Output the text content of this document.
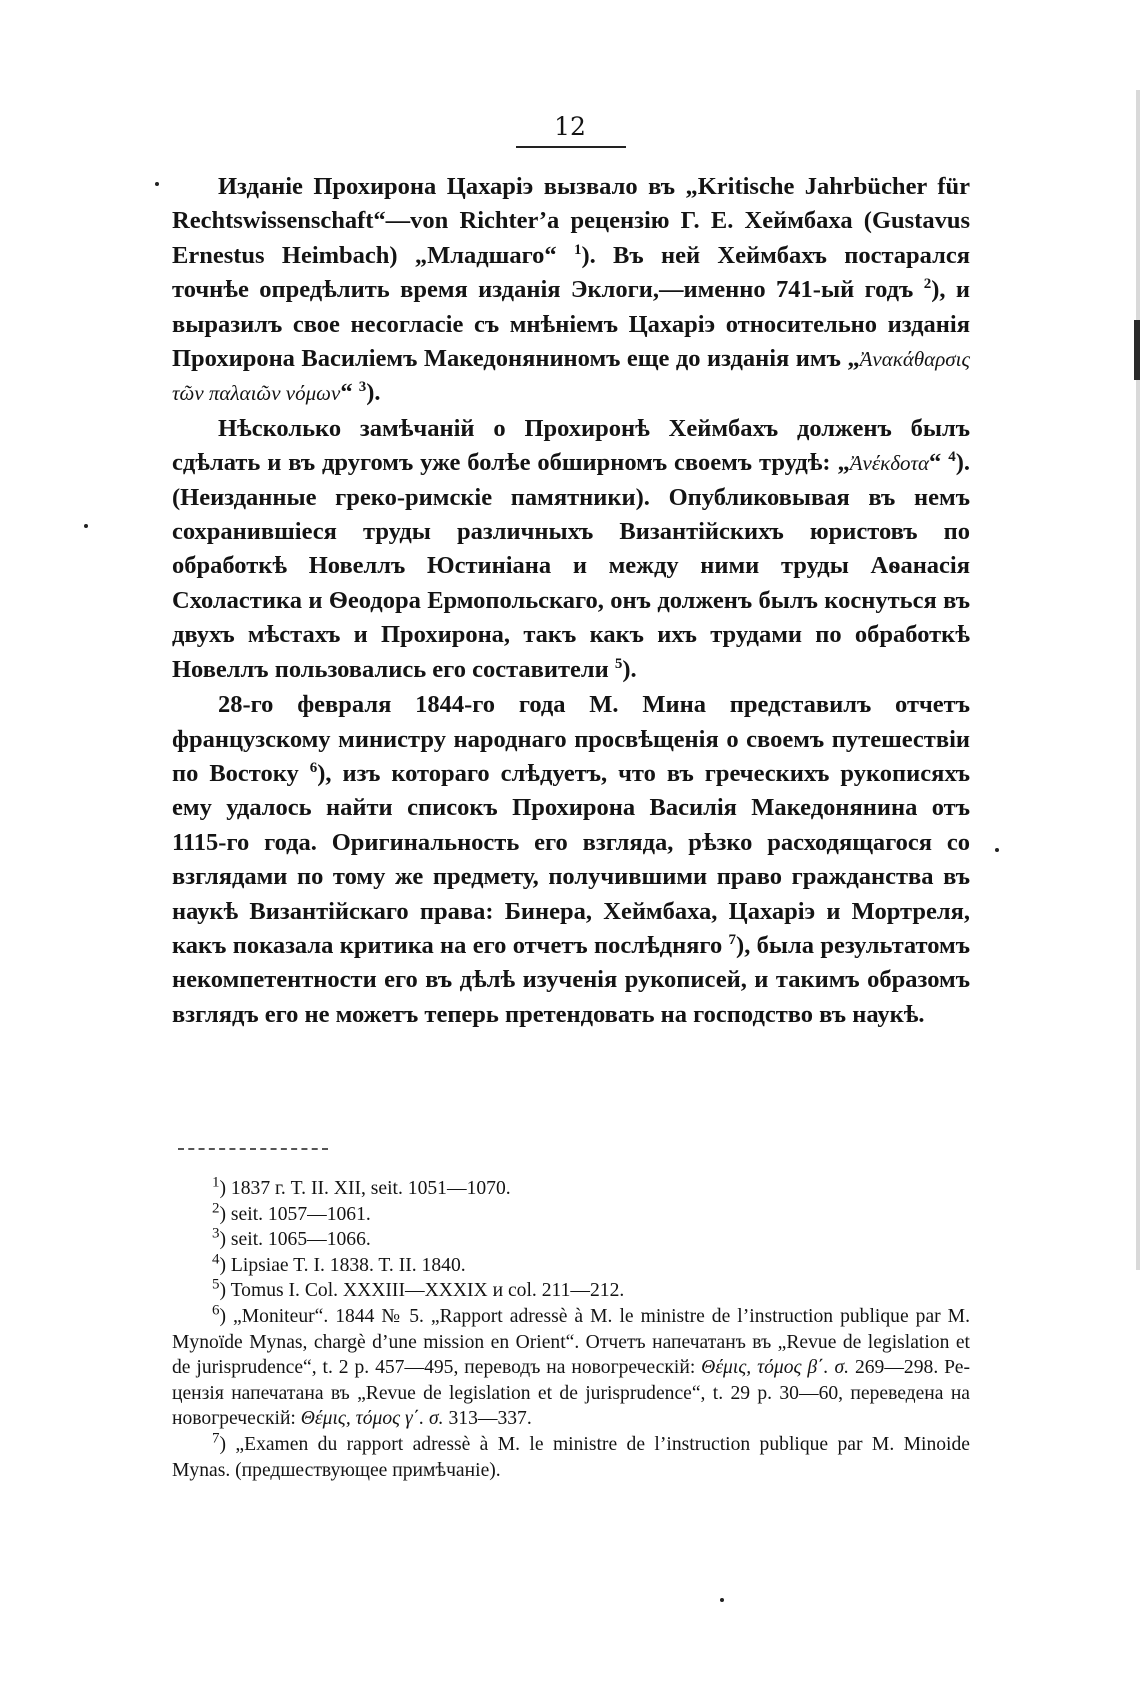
12

Изданіе Прохирона Цахаріэ вызвало въ „Kritische Jahrbücher für Rechtswissenschaft“—von Richter’a рецензію Г. Е. Хеймбаха (Gustavus Ernestus Heimbach) „Младшаго“ $^1$). Въ ней Хеймбахъ постарался точнѣе опредѣлить время изданія Эклоги,—именно 741-ый годъ $^2$), и выразилъ свое несогласіе съ мнѣніемъ Цахаріэ относительно изданія Прохирона Василіемъ Македоняниномъ еще до изданія имъ „Ἀνακάθαρσις τῶν παλαιῶν νόμων“ $^3$).

Нѣсколько замѣчаній о Прохиронѣ Хеймбахъ долженъ былъ сдѣлать и въ другомъ уже болѣе обширномъ своемъ трудѣ: „Ἀνέκδοτα“ $^4$). (Неизданные греко-римскіе памятники). Опубликовывая въ немъ сохранившіеся труды различныхъ Византійскихъ юристовъ по обработкѣ Новеллъ Юстиніана и между ними труды Аѳанасія Схоластика и Ѳеодора Ермопольскаго, онъ долженъ былъ коснуться въ двухъ мѣстахъ и Прохирона, такъ какъ ихъ трудами по обработкѣ Новеллъ пользовались его составители $^5$).

28-го февраля 1844-го года М. Мина представилъ отчетъ французскому министру народнаго просвѣщенія о своемъ путешествіи по Востоку $^6$), изъ котораго слѣдуетъ, что въ греческихъ рукописяхъ ему удалось найти списокъ Прохирона Василія Македонянина отъ 1115-го года. Оригинальность его взгляда, рѣзко расходящагося со взглядами по тому же предмету, получившими право гражданства въ наукѣ Византійскаго права: Бинера, Хеймбаха, Цахаріэ и Мортреля, какъ показала критика на его отчетъ послѣдняго $^7$), была результатомъ некомпетентности его въ дѣлѣ изученія рукописей, и такимъ образомъ взглядъ его не можетъ теперь претендовать на господство въ наукѣ.

$^1$) 1837 г. T. II. XII, seit. 1051—1070.

$^2$) seit. 1057—1061.

$^3$) seit. 1065—1066.

$^4$) Lipsiae T. I. 1838. T. II. 1840.

$^5$) Tomus I. Col. XXXIII—XXXIX и col. 211—212.

$^6$) „Moniteur“. 1844 № 5. „Rapport adressè à M. le ministre de l’instruction publique par M. Mynoïde Mynas, chargè d’une mission en Orient“. Отчетъ напечатанъ въ „Revue de legislation et de jurisprudence“, t. 2 p. 457—495, переводъ на новогреческій: Θέμις, τόμος β΄. σ. 269—298. Рецензія напечатана въ „Revue de legislation et de jurisprudence“, t. 29 p. 30—60, переведена на новогреческій: Θέμις, τόμος γ΄. σ. 313—337.

$^7$) „Examen du rapport adressè à M. le ministre de l’instruction publique par M. Minoide Mynas. (предшествующее примѣчаніе).
